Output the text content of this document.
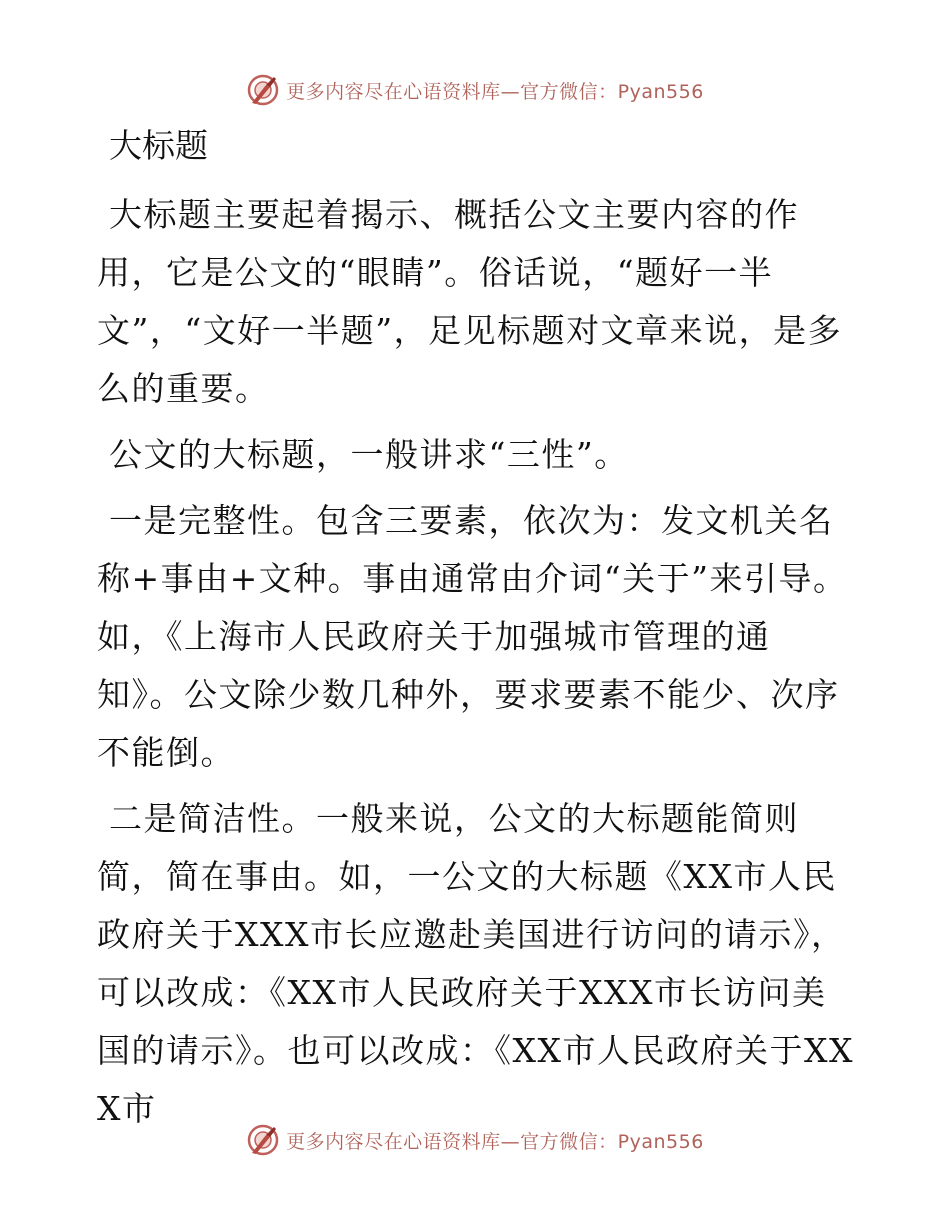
更多内容尽在心语资料库—官方微信：Pyan556
大标题

大标题主要起着揭示、概括公文主要内容的作用，它是公文的“眼睛”。俗话说，“题好一半文”，“文好一半题”，足见标题对文章来说，是多么的重要。

公文的大标题，一般讲求“三性”。

一是完整性。包含三要素，依次为：发文机关名称+事由+文种。事由通常由介词“关于”来引导。如，《上海市人民政府关于加强城市管理的通知》。公文除少数几种外，要求要素不能少、次序不能倒。

二是简洁性。一般来说，公文的大标题能简则简，简在事由。如，一公文的大标题《XX市人民政府关于XXX市长应邀赴美国进行访问的请示》，可以改成：《XX市人民政府关于XXX市长访问美国的请示》。也可以改成：《XX市人民政府关于XXX市

更多内容尽在心语资料库—官方微信：Pyan556
